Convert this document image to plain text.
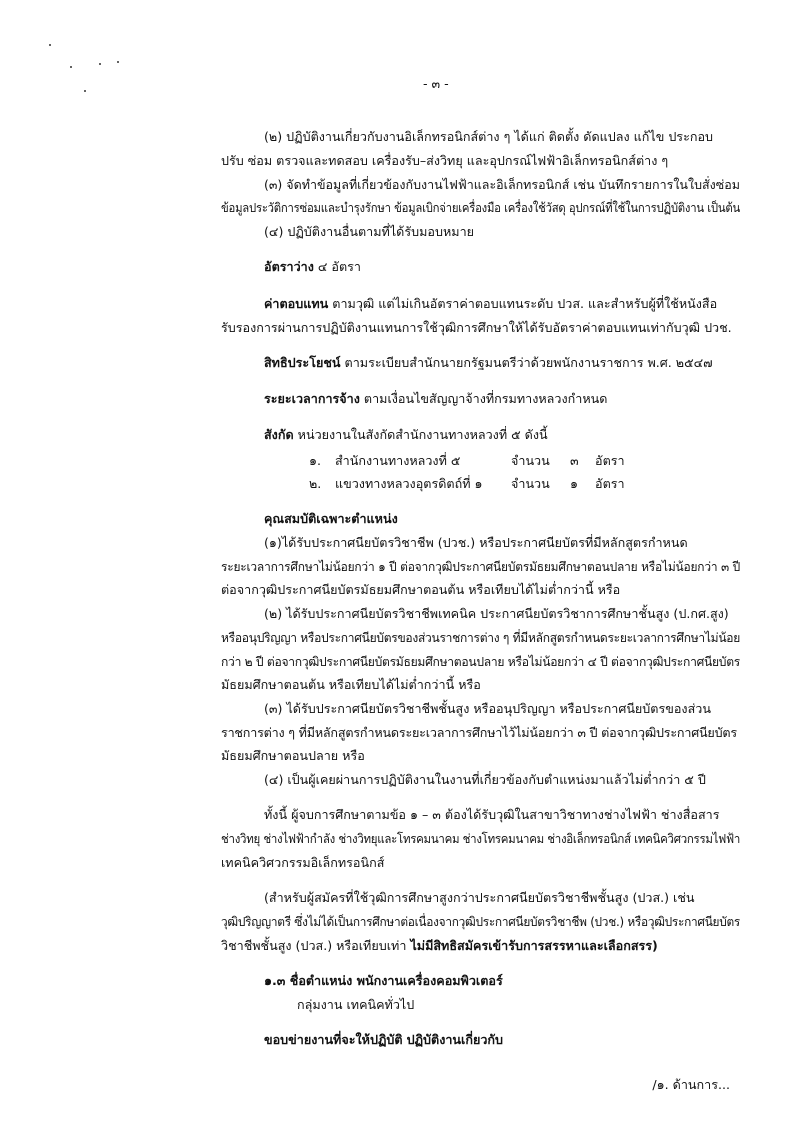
- ๓ -
(๒) ปฏิบัติงานเกี่ยวกับงานอิเล็กทรอนิกส์ต่าง ๆ ได้แก่ ติดตั้ง ดัดแปลง แก้ไข ประกอบ
ปรับ ซ่อม ตรวจและทดสอบ เครื่องรับ–ส่งวิทยุ และอุปกรณ์ไฟฟ้าอิเล็กทรอนิกส์ต่าง ๆ
(๓) จัดทำข้อมูลที่เกี่ยวข้องกับงานไฟฟ้าและอิเล็กทรอนิกส์ เช่น บันทึกรายการในใบสั่งซ่อม
ข้อมูลประวัติการซ่อมและบำรุงรักษา ข้อมูลเบิกจ่ายเครื่องมือ เครื่องใช้วัสดุ อุปกรณ์ที่ใช้ในการปฏิบัติงาน เป็นต้น
(๔) ปฏิบัติงานอื่นตามที่ได้รับมอบหมาย
อัตราว่าง ๔ อัตรา
ค่าตอบแทน ตามวุฒิ แต่ไม่เกินอัตราค่าตอบแทนระดับ ปวส. และสำหรับผู้ที่ใช้หนังสือ
รับรองการผ่านการปฏิบัติงานแทนการใช้วุฒิการศึกษาให้ได้รับอัตราค่าตอบแทนเท่ากับวุฒิ ปวช.
สิทธิประโยชน์ ตามระเบียบสำนักนายกรัฐมนตรีว่าด้วยพนักงานราชการ พ.ศ. ๒๕๔๗
ระยะเวลาการจ้าง ตามเงื่อนไขสัญญาจ้างที่กรมทางหลวงกำหนด
สังกัด หน่วยงานในสังกัดสำนักงานทางหลวงที่ ๕ ดังนี้
๑. สำนักงานทางหลวงที่ ๕	จำนวน ๓ อัตรา
๒. แขวงทางหลวงอุตรดิตถ์ที่ ๑ จำนวน ๑ อัตรา
คุณสมบัติเฉพาะตำแหน่ง
(๑)ได้รับประกาศนียบัตรวิชาชีพ (ปวช.) หรือประกาศนียบัตรที่มีหลักสูตรกำหนด
ระยะเวลาการศึกษาไม่น้อยกว่า ๑ ปี ต่อจากวุฒิประกาศนียบัตรมัธยมศึกษาตอนปลาย หรือไม่น้อยกว่า ๓ ปี
ต่อจากวุฒิประกาศนียบัตรมัธยมศึกษาตอนต้น หรือเทียบได้ไม่ต่ำกว่านี้ หรือ
(๒) ได้รับประกาศนียบัตรวิชาชีพเทคนิค ประกาศนียบัตรวิชาการศึกษาชั้นสูง (ป.กศ.สูง)
หรืออนุปริญญา หรือประกาศนียบัตรของส่วนราชการต่าง ๆ ที่มีหลักสูตรกำหนดระยะเวลาการศึกษาไม่น้อย
กว่า ๒ ปี ต่อจากวุฒิประกาศนียบัตรมัธยมศึกษาตอนปลาย หรือไม่น้อยกว่า ๔ ปี ต่อจากวุฒิประกาศนียบัตร
มัธยมศึกษาตอนต้น หรือเทียบได้ไม่ต่ำกว่านี้ หรือ
(๓) ได้รับประกาศนียบัตรวิชาชีพชั้นสูง หรืออนุปริญญา หรือประกาศนียบัตรของส่วน
ราชการต่าง ๆ ที่มีหลักสูตรกำหนดระยะเวลาการศึกษาไว้ไม่น้อยกว่า ๓ ปี ต่อจากวุฒิประกาศนียบัตร
มัธยมศึกษาตอนปลาย หรือ
(๔) เป็นผู้เคยผ่านการปฏิบัติงานในงานที่เกี่ยวข้องกับตำแหน่งมาแล้วไม่ต่ำกว่า ๕ ปี
ทั้งนี้ ผู้จบการศึกษาตามข้อ ๑ – ๓ ต้องได้รับวุฒิในสาขาวิชาทางช่างไฟฟ้า ช่างสื่อสาร
ช่างวิทยุ ช่างไฟฟ้ากำลัง ช่างวิทยุและโทรคมนาคม ช่างโทรคมนาคม ช่างอิเล็กทรอนิกส์ เทคนิควิศวกรรมไฟฟ้า
เทคนิควิศวกรรมอิเล็กทรอนิกส์
(สำหรับผู้สมัครที่ใช้วุฒิการศึกษาสูงกว่าประกาศนียบัตรวิชาชีพชั้นสูง (ปวส.) เช่น
วุฒิปริญญาตรี ซึ่งไม่ได้เป็นการศึกษาต่อเนื่องจากวุฒิประกาศนียบัตรวิชาชีพ (ปวช.) หรือวุฒิประกาศนียบัตร
วิชาชีพชั้นสูง (ปวส.) หรือเทียบเท่า ไม่มีสิทธิสมัครเข้ารับการสรรหาและเลือกสรร)
๑.๓ ชื่อตำแหน่ง พนักงานเครื่องคอมพิวเตอร์
กลุ่มงาน เทคนิคทั่วไป
ขอบข่ายงานที่จะให้ปฏิบัติ ปฏิบัติงานเกี่ยวกับ
/๑. ด้านการ...
